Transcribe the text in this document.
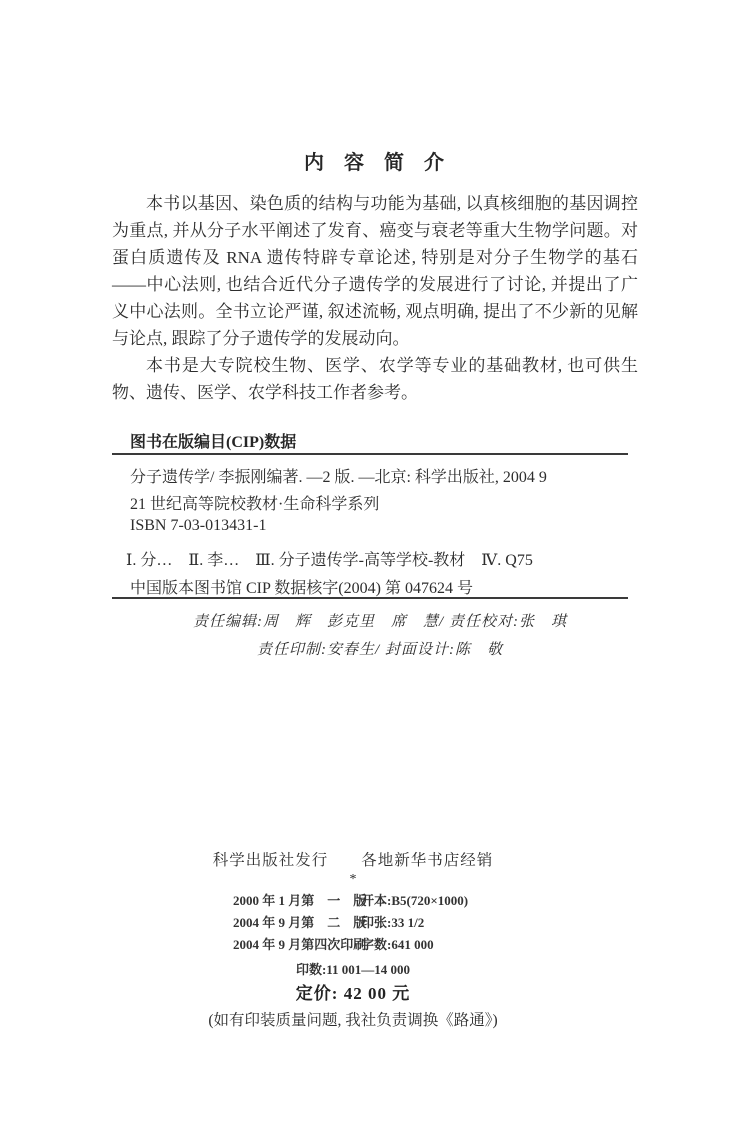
内　容　简　介

本书以基因、染色质的结构与功能为基础, 以真核细胞的基因调控为重点, 并从分子水平阐述了发育、癌变与衰老等重大生物学问题。对蛋白质遗传及 RNA 遗传特辟专章论述, 特别是对分子生物学的基石——中心法则, 也结合近代分子遗传学的发展进行了讨论, 并提出了广义中心法则。全书立论严谨, 叙述流畅, 观点明确, 提出了不少新的见解与论点, 跟踪了分子遗传学的发展动向。

本书是大专院校生物、医学、农学等专业的基础教材, 也可供生物、遗传、医学、农学科技工作者参考。

图书在版编目(CIP)数据
分子遗传学/ 李振刚编著. —2 版. —北京: 科学出版社, 2004 9
21 世纪高等院校教材·生命科学系列
ISBN 7-03-013431-1
Ⅰ. 分…　Ⅱ. 李…　Ⅲ. 分子遗传学-高等学校-教材　Ⅳ. Q75
中国版本图书馆 CIP 数据核字(2004) 第 047624 号
责任编辑:周　辉　彭克里　席　慧/ 责任校对:张　琪
责任印制:安春生/ 封面设计:陈　敬
科学出版社发行　　各地新华书店经销
*
2000 年 1 月第　一　版
开本:B5(720×1000)
2004 年 9 月第　二　版
印张:33 1/2
2004 年 9 月第四次印刷
字数:641 000
印数:11 001—14 000
定价: 42 00 元
(如有印装质量问题, 我社负责调换《路通》)
